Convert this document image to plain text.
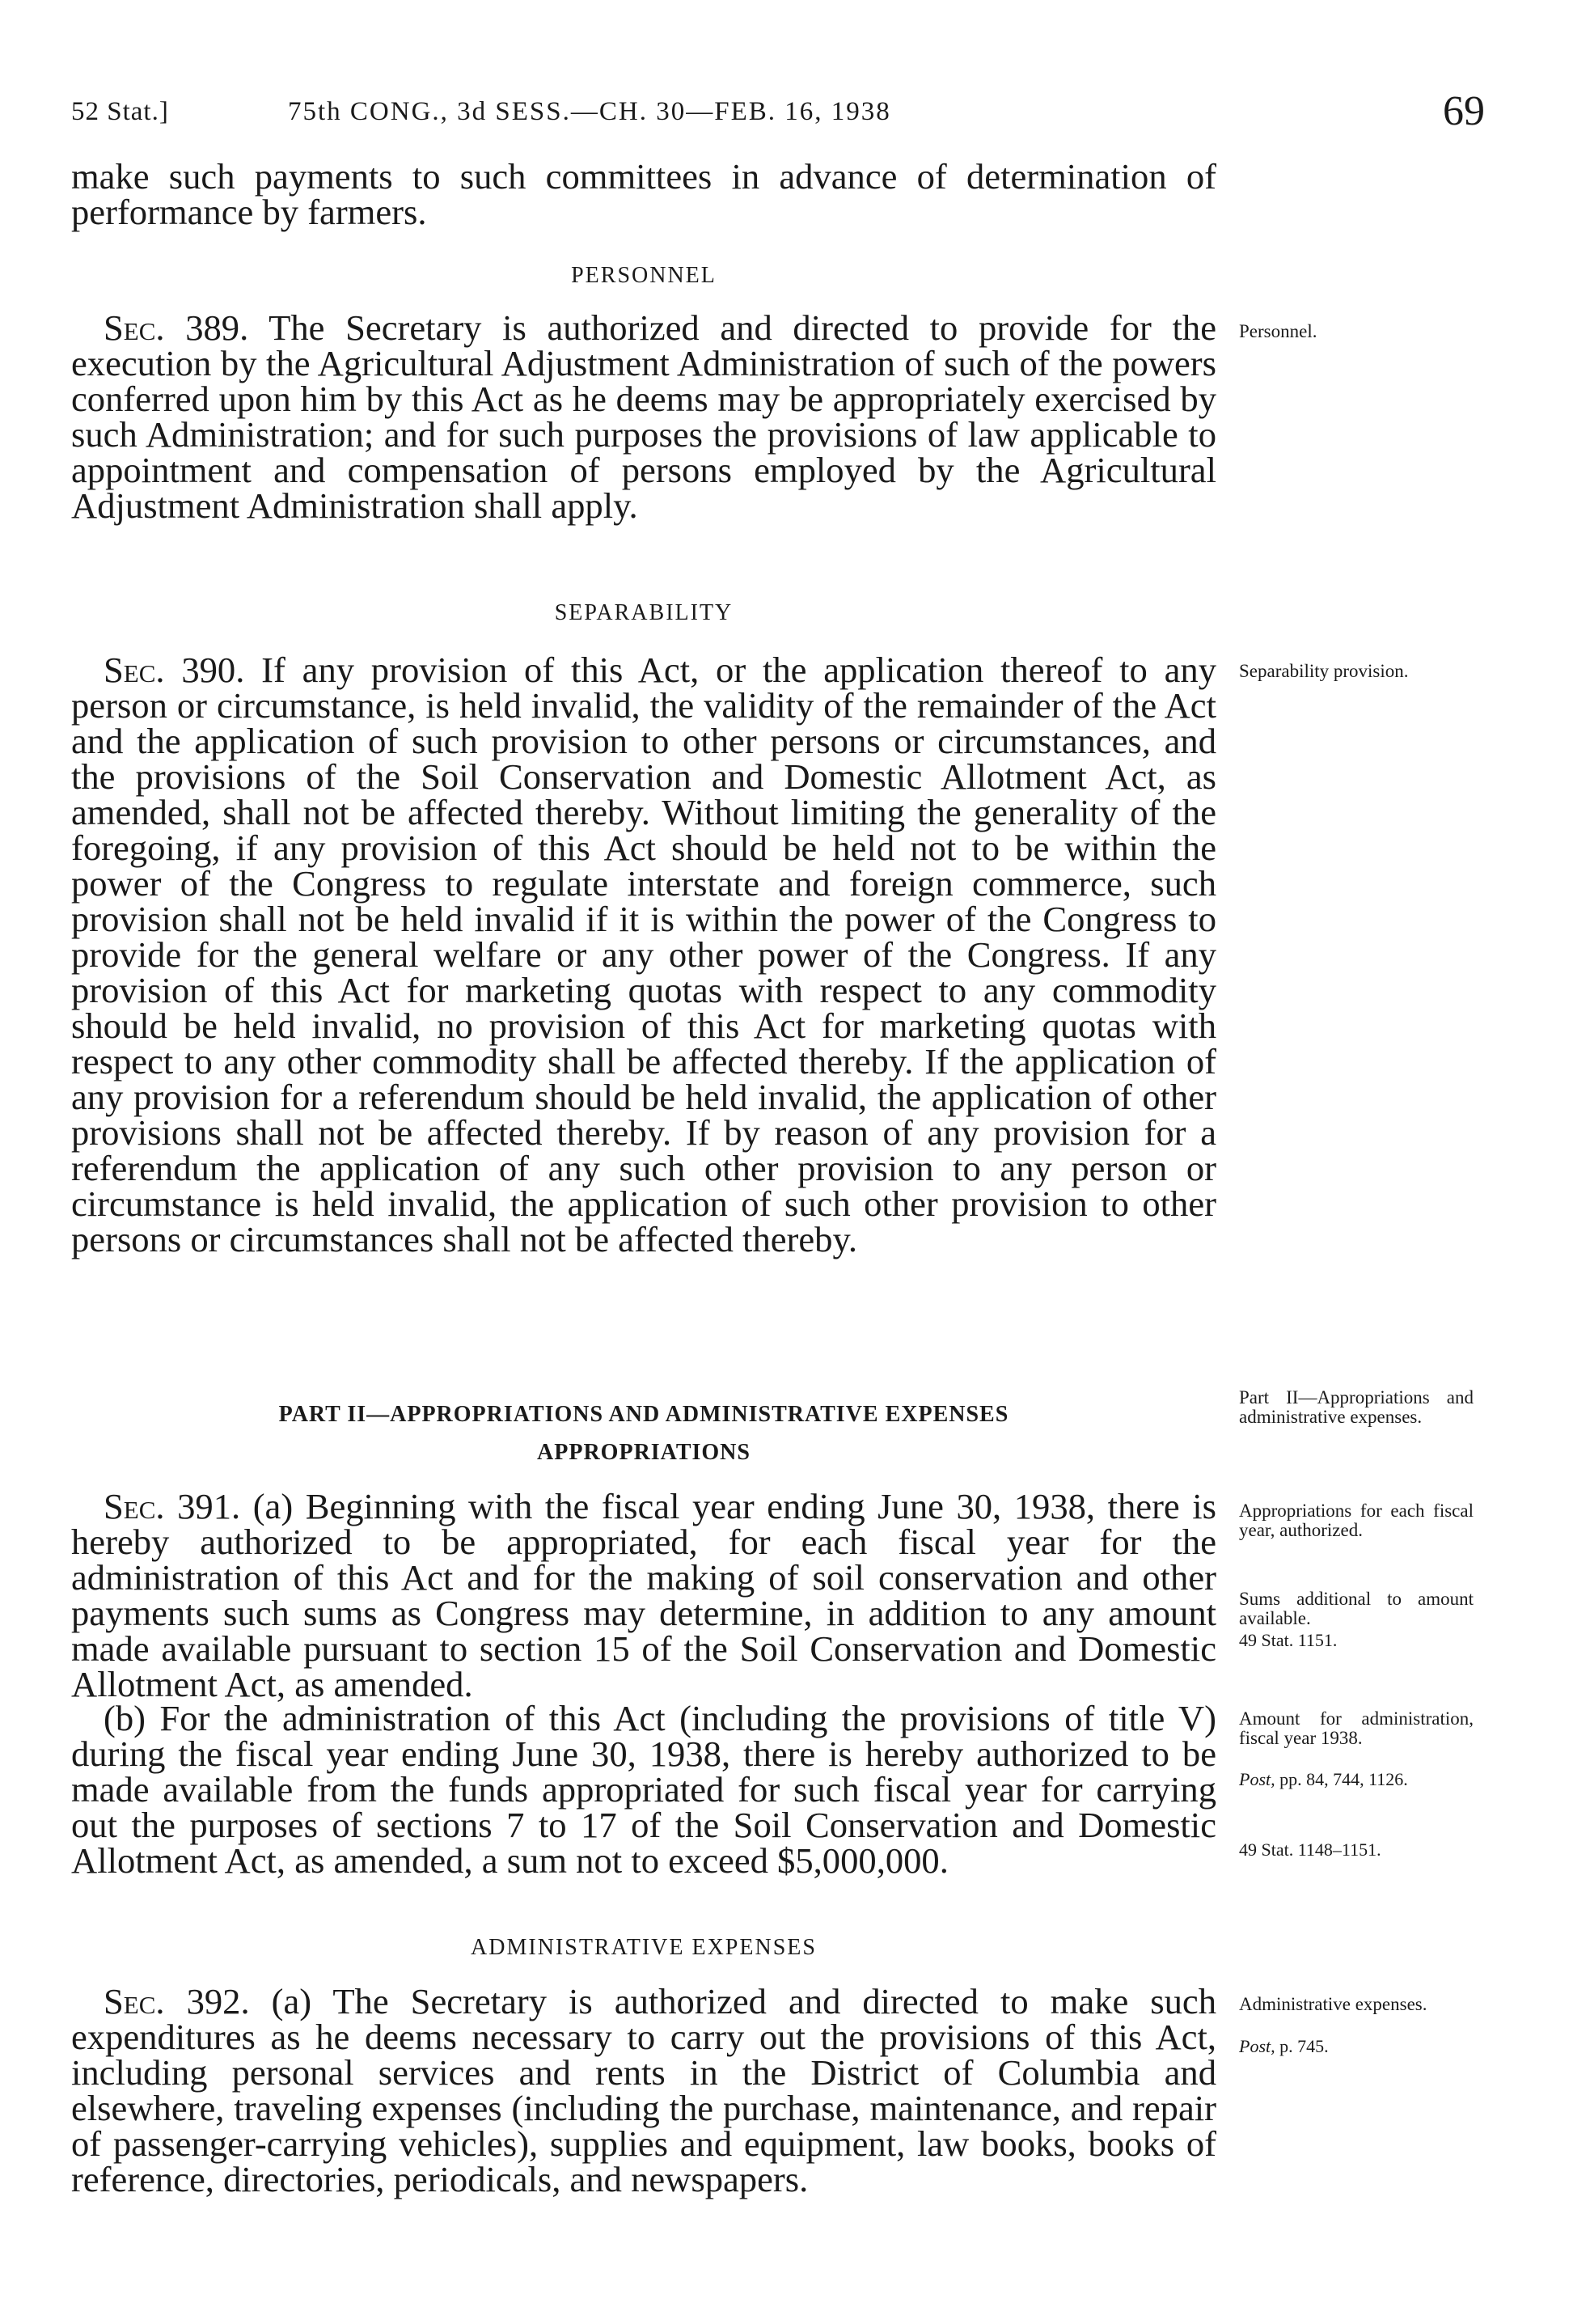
52 Stat.]	75th CONG., 3d SESS.—CH. 30—FEB. 16, 1938	69

make such payments to such committees in advance of determination of performance by farmers.

PERSONNEL

Sec. 389. The Secretary is authorized and directed to provide for the execution by the Agricultural Adjustment Administration of such of the powers conferred upon him by this Act as he deems may be appropriately exercised by such Administration; and for such purposes the provisions of law applicable to appointment and compensation of persons employed by the Agricultural Adjustment Administration shall apply.

Personnel.
SEPARABILITY

Sec. 390. If any provision of this Act, or the application thereof to any person or circumstance, is held invalid, the validity of the remainder of the Act and the application of such provision to other persons or circumstances, and the provisions of the Soil Conservation and Domestic Allotment Act, as amended, shall not be affected thereby. Without limiting the generality of the foregoing, if any provision of this Act should be held not to be within the power of the Congress to regulate interstate and foreign commerce, such provision shall not be held invalid if it is within the power of the Congress to provide for the general welfare or any other power of the Congress. If any provision of this Act for marketing quotas with respect to any commodity should be held invalid, no provision of this Act for marketing quotas with respect to any other commodity shall be affected thereby. If the application of any provision for a referendum should be held invalid, the application of other provisions shall not be affected thereby. If by reason of any provision for a referendum the application of any such other provision to any person or circumstance is held invalid, the application of such other provision to other persons or circumstances shall not be affected thereby.

Separability provision.
PART II—APPROPRIATIONS AND ADMINISTRATIVE EXPENSES
APPROPRIATIONS
Part II—Appropriations and administrative expenses.

Sec. 391. (a) Beginning with the fiscal year ending June 30, 1938, there is hereby authorized to be appropriated, for each fiscal year for the administration of this Act and for the making of soil conservation and other payments such sums as Congress may determine, in addition to any amount made available pursuant to section 15 of the Soil Conservation and Domestic Allotment Act, as amended.

(b) For the administration of this Act (including the provisions of title V) during the fiscal year ending June 30, 1938, there is hereby authorized to be made available from the funds appropriated for such fiscal year for carrying out the purposes of sections 7 to 17 of the Soil Conservation and Domestic Allotment Act, as amended, a sum not to exceed $5,000,000.

Appropriations for each fiscal year, authorized.
Sums additional to amount available.
49 Stat. 1151.
Amount for administration, fiscal year 1938.
Post, pp. 84, 744, 1126.
49 Stat. 1148–1151.
ADMINISTRATIVE EXPENSES

Sec. 392. (a) The Secretary is authorized and directed to make such expenditures as he deems necessary to carry out the provisions of this Act, including personal services and rents in the District of Columbia and elsewhere, traveling expenses (including the purchase, maintenance, and repair of passenger-carrying vehicles), supplies and equipment, law books, books of reference, directories, periodicals, and newspapers.

Administrative expenses.
Post, p. 745.
